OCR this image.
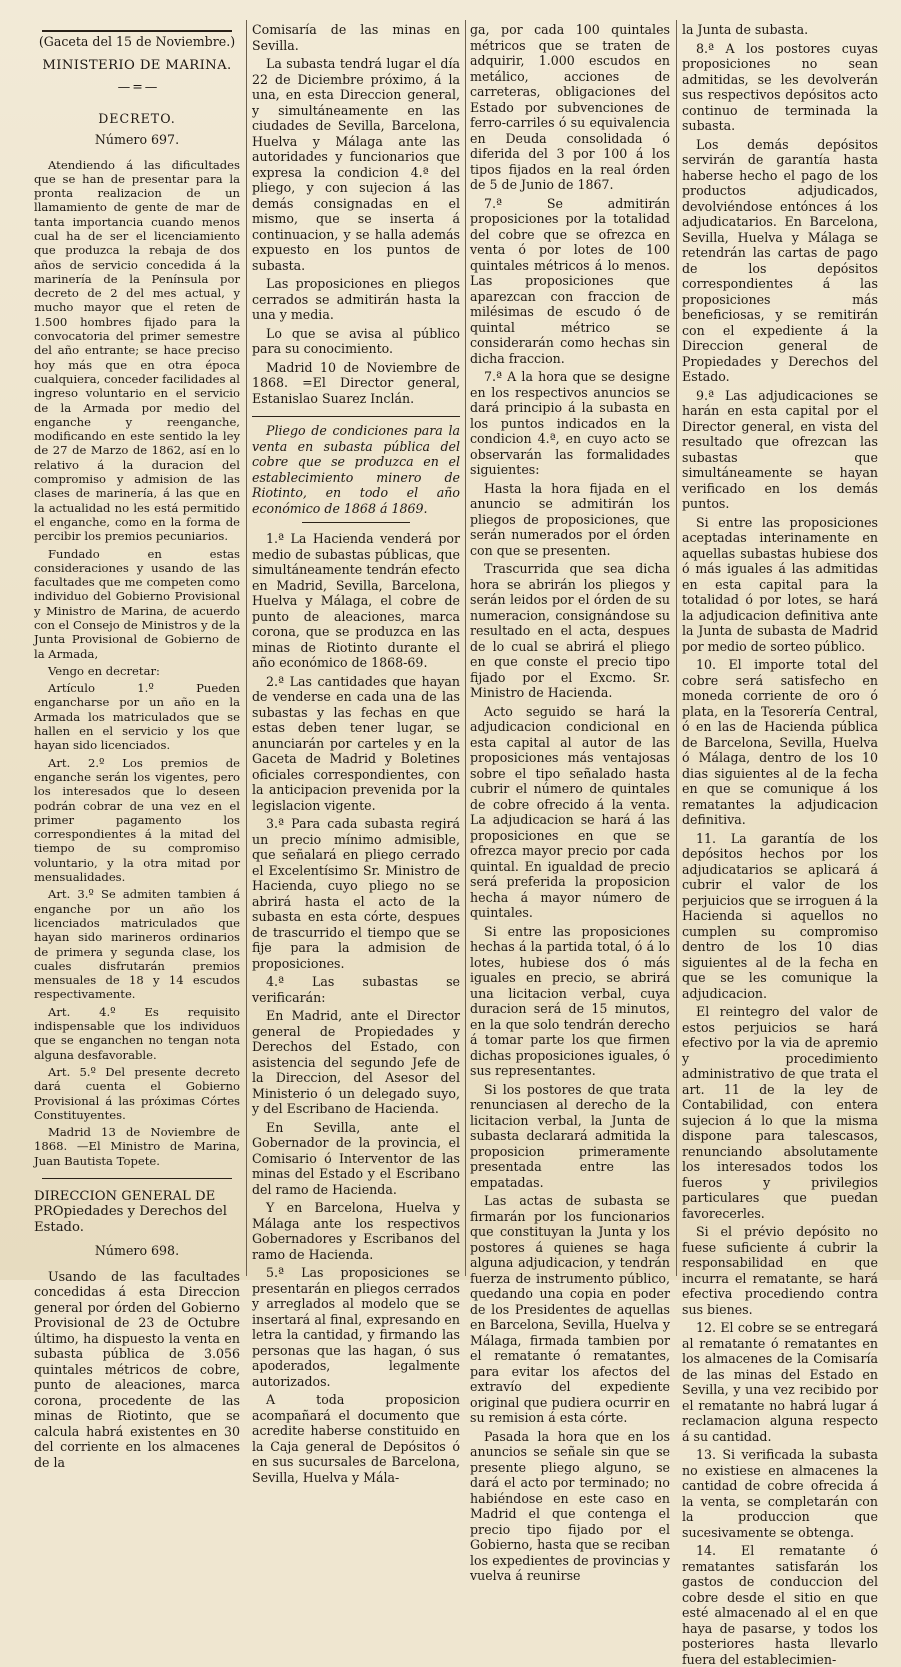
(Gaceta del 15 de Noviembre.)

MINISTERIO DE MARINA.

— = —

DECRETO.

Número 697.

Atendiendo á las dificultades que se han de presentar para la pronta realizacion de un llamamiento de gente de mar de tanta importancia cuando menos cual ha de ser el licenciamiento que produzca la rebaja de dos años de servicio concedida á la marinería de la Península por decreto de 2 del mes actual, y mucho mayor que el reten de 1.500 hombres fijado para la convocatoria del primer semestre del año entrante; se hace preciso hoy más que en otra época cualquiera, conceder facilidades al ingreso voluntario en el servicio de la Armada por medio del enganche y reenganche, modificando en este sentido la ley de 27 de Marzo de 1862, así en lo relativo á la duracion del compromiso y admision de las clases de marinería, á las que en la actualidad no les está permitido el enganche, como en la forma de percibir los premios pecuniarios.

Fundado en estas consideraciones y usando de las facultades que me competen como individuo del Gobierno Provisional y Ministro de Marina, de acuerdo con el Consejo de Ministros y de la Junta Provisional de Gobierno de la Armada,

Vengo en decretar:

Artículo 1.º Pueden engancharse por un año en la Armada los matriculados que se hallen en el servicio y los que hayan sido licenciados.

Art. 2.º Los premios de enganche serán los vigentes, pero los interesados que lo deseen podrán cobrar de una vez en el primer pagamento los correspondientes á la mitad del tiempo de su compromiso voluntario, y la otra mitad por mensualidades.

Art. 3.º Se admiten tambien á enganche por un año los licenciados matriculados que hayan sido marineros ordinarios de primera y segunda clase, los cuales disfrutarán premios mensuales de 18 y 14 escudos respectivamente.

Art. 4.º Es requisito indispensable que los individuos que se enganchen no tengan nota alguna desfavorable.

Art. 5.º Del presente decreto dará cuenta el Gobierno Provisional á las próximas Córtes Constituyentes.

Madrid 13 de Noviembre de 1868. —El Ministro de Marina, Juan Bautista Topete.

DIRECCION GENERAL DE PROpiedades y Derechos del Estado.

Número 698.

Usando de las facultades concedidas á esta Direccion general por órden del Gobierno Provisional de 23 de Octubre último, ha dispuesto la venta en subasta pública de 3.056 quintales métricos de cobre, punto de aleaciones, marca corona, procedente de las minas de Riotinto, que se calcula habrá existentes en 30 del corriente en los almacenes de la

Comisaría de las minas en Sevilla.

La subasta tendrá lugar el día 22 de Diciembre próximo, á la una, en esta Direccion general, y simultáneamente en las ciudades de Sevilla, Barcelona, Huelva y Málaga ante las autoridades y funcionarios que expresa la condicion 4.ª del pliego, y con sujecion á las demás consignadas en el mismo, que se inserta á continuacion, y se halla además expuesto en los puntos de subasta.

Las proposiciones en pliegos cerrados se admitirán hasta la una y media.

Lo que se avisa al público para su conocimiento.

Madrid 10 de Noviembre de 1868. =El Director general, Estanislao Suarez Inclán.

Pliego de condiciones para la venta en subasta pública del cobre que se produzca en el establecimiento minero de Riotinto, en todo el año económico de 1868 á 1869.

1.ª La Hacienda venderá por medio de subastas públicas, que simultáneamente tendrán efecto en Madrid, Sevilla, Barcelona, Huelva y Málaga, el cobre de punto de aleaciones, marca corona, que se produzca en las minas de Riotinto durante el año económico de 1868-69.

2.ª Las cantidades que hayan de venderse en cada una de las subastas y las fechas en que estas deben tener lugar, se anunciarán por carteles y en la Gaceta de Madrid y Boletines oficiales correspondientes, con la anticipacion prevenida por la legislacion vigente.

3.ª Para cada subasta regirá un precio mínimo admisible, que señalará en pliego cerrado el Excelentísimo Sr. Ministro de Hacienda, cuyo pliego no se abrirá hasta el acto de la subasta en esta córte, despues de trascurrido el tiempo que se fije para la admision de proposiciones.

4.ª Las subastas se verificarán:

En Madrid, ante el Director general de Propiedades y Derechos del Estado, con asistencia del segundo Jefe de la Direccion, del Asesor del Ministerio ó un delegado suyo, y del Escribano de Hacienda.

En Sevilla, ante el Gobernador de la provincia, el Comisario ó Interventor de las minas del Estado y el Escribano del ramo de Hacienda.

Y en Barcelona, Huelva y Málaga ante los respectivos Gobernadores y Escribanos del ramo de Hacienda.

5.ª Las proposiciones se presentarán en pliegos cerrados y arreglados al modelo que se insertará al final, expresando en letra la cantidad, y firmando las personas que las hagan, ó sus apoderados, legalmente autorizados.

A toda proposicion acompañará el documento que acredite haberse constituido en la Caja general de Depósitos ó en sus sucursales de Barcelona, Sevilla, Huelva y Mála-

ga, por cada 100 quintales métricos que se traten de adquirir, 1.000 escudos en metálico, acciones de carreteras, obligaciones del Estado por subvenciones de ferro-carriles ó su equivalencia en Deuda consolidada ó diferida del 3 por 100 á los tipos fijados en la real órden de 5 de Junio de 1867.

7.ª Se admitirán proposiciones por la totalidad del cobre que se ofrezca en venta ó por lotes de 100 quintales métricos á lo menos. Las proposiciones que aparezcan con fraccion de milésimas de escudo ó de quintal métrico se considerarán como hechas sin dicha fraccion.

7.ª A la hora que se designe en los respectivos anuncios se dará principio á la subasta en los puntos indicados en la condicion 4.ª, en cuyo acto se observarán las formalidades siguientes:

Hasta la hora fijada en el anuncio se admitirán los pliegos de proposiciones, que serán numerados por el órden con que se presenten.

Trascurrida que sea dicha hora se abrirán los pliegos y serán leidos por el órden de su numeracion, consignándose su resultado en el acta, despues de lo cual se abrirá el pliego en que conste el precio tipo fijado por el Excmo. Sr. Ministro de Hacienda.

Acto seguido se hará la adjudicacion condicional en esta capital al autor de las proposiciones más ventajosas sobre el tipo señalado hasta cubrir el número de quintales de cobre ofrecido á la venta. La adjudicacion se hará á las proposiciones en que se ofrezca mayor precio por cada quintal. En igualdad de precio será preferida la proposicion hecha á mayor número de quintales.

Si entre las proposiciones hechas á la partida total, ó á lo lotes, hubiese dos ó más iguales en precio, se abrirá una licitacion verbal, cuya duracion será de 15 minutos, en la que solo tendrán derecho á tomar parte los que firmen dichas proposiciones iguales, ó sus representantes.

Si los postores de que trata renunciasen al derecho de la licitacion verbal, la Junta de subasta declarará admitida la proposicion primeramente presentada entre las empatadas.

Las actas de subasta se firmarán por los funcionarios que constituyan la Junta y los postores á quienes se haga alguna adjudicacion, y tendrán fuerza de instrumento público, quedando una copia en poder de los Presidentes de aquellas en Barcelona, Sevilla, Huelva y Málaga, firmada tambien por el rematante ó rematantes, para evitar los afectos del extravío del expediente original que pudiera ocurrir en su remision á esta córte.

Pasada la hora que en los anuncios se señale sin que se presente pliego alguno, se dará el acto por terminado; no habiéndose en este caso en Madrid el que contenga el precio tipo fijado por el Gobierno, hasta que se reciban los expedientes de provincias y vuelva á reunirse

la Junta de subasta.

8.ª A los postores cuyas proposiciones no sean admitidas, se les devolverán sus respectivos depósitos acto continuo de terminada la subasta.

Los demás depósitos servirán de garantía hasta haberse hecho el pago de los productos adjudicados, devolviéndose entónces á los adjudicatarios. En Barcelona, Sevilla, Huelva y Málaga se retendrán las cartas de pago de los depósitos correspondientes á las proposiciones más beneficiosas, y se remitirán con el expediente á la Direccion general de Propiedades y Derechos del Estado.

9.ª Las adjudicaciones se harán en esta capital por el Director general, en vista del resultado que ofrezcan las subastas que simultáneamente se hayan verificado en los demás puntos.

Si entre las proposiciones aceptadas interinamente en aquellas subastas hubiese dos ó más iguales á las admitidas en esta capital para la totalidad ó por lotes, se hará la adjudicacion definitiva ante la Junta de subasta de Madrid por medio de sorteo público.

10. El importe total del cobre será satisfecho en moneda corriente de oro ó plata, en la Tesorería Central, ó en las de Hacienda pública de Barcelona, Sevilla, Huelva ó Málaga, dentro de los 10 dias siguientes al de la fecha en que se comunique á los rematantes la adjudicacion definitiva.

11. La garantía de los depósitos hechos por los adjudicatarios se aplicará á cubrir el valor de los perjuicios que se irroguen á la Hacienda si aquellos no cumplen su compromiso dentro de los 10 dias siguientes al de la fecha en que se les comunique la adjudicacion.

El reintegro del valor de estos perjuicios se hará efectivo por la via de apremio y procedimiento administrativo de que trata el art. 11 de la ley de Contabilidad, con entera sujecion á lo que la misma dispone para talescasos, renunciando absolutamente los interesados todos los fueros y privilegios particulares que puedan favorecerles.

Si el prévio depósito no fuese suficiente á cubrir la responsabilidad en que incurra el rematante, se hará efectiva procediendo contra sus bienes.

12. El cobre se se entregará al rematante ó rematantes en los almacenes de la Comisaría de las minas del Estado en Sevilla, y una vez recibido por el rematante no habrá lugar á reclamacion alguna respecto á su cantidad.

13. Si verificada la subasta no existiese en almacenes la cantidad de cobre ofrecida á la venta, se completarán con la produccion que sucesivamente se obtenga.

14. El rematante ó rematantes satisfarán los gastos de conduccion del cobre desde el sitio en que esté almacenado al el en que haya de pasarse, y todos los posteriores hasta llevarlo fuera del establecimien-
